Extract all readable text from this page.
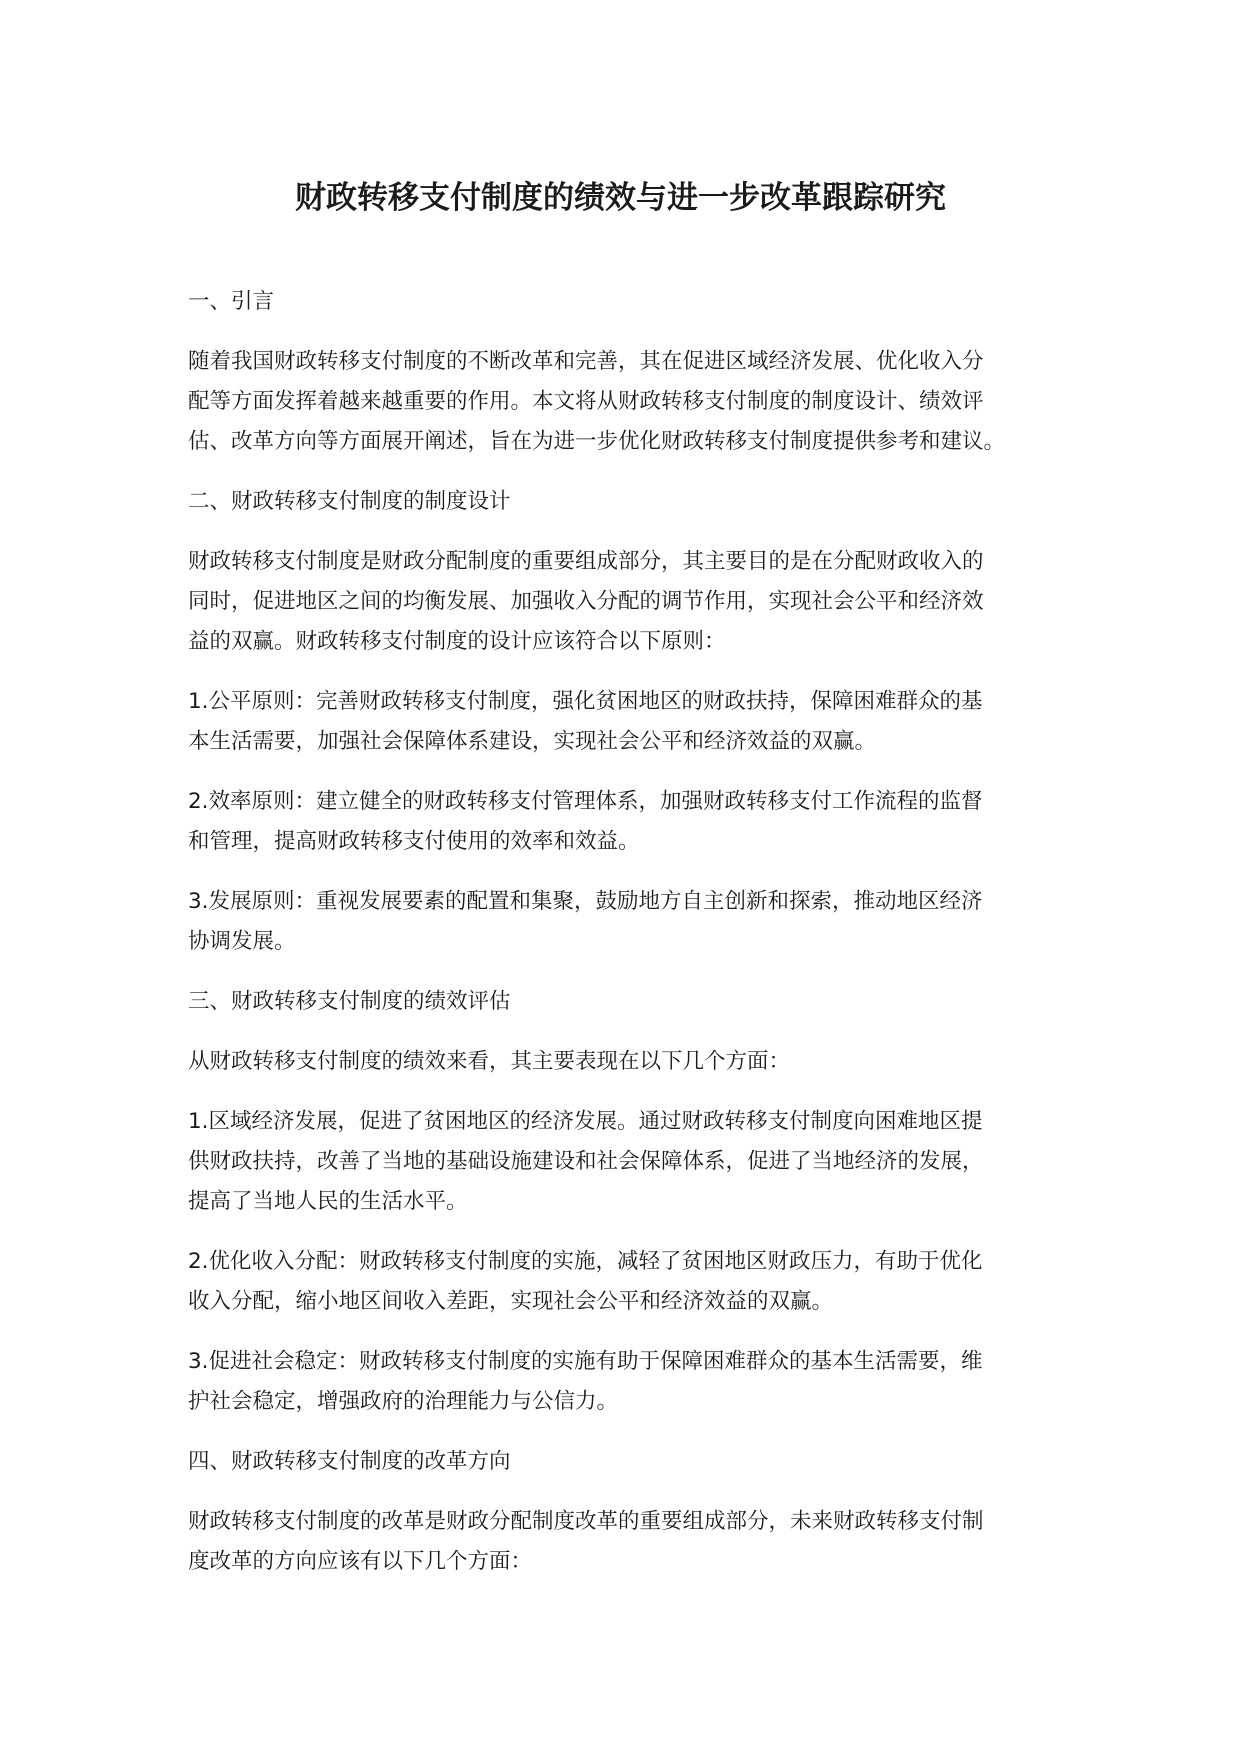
财政转移支付制度的绩效与进一步改革跟踪研究
一、引言
随着我国财政转移支付制度的不断改革和完善，其在促进区域经济发展、优化收入分
配等方面发挥着越来越重要的作用。本文将从财政转移支付制度的制度设计、绩效评
估、改革方向等方面展开阐述，旨在为进一步优化财政转移支付制度提供参考和建议。
二、财政转移支付制度的制度设计
财政转移支付制度是财政分配制度的重要组成部分，其主要目的是在分配财政收入的
同时，促进地区之间的均衡发展、加强收入分配的调节作用，实现社会公平和经济效
益的双赢。财政转移支付制度的设计应该符合以下原则：
1.公平原则：完善财政转移支付制度，强化贫困地区的财政扶持，保障困难群众的基
本生活需要，加强社会保障体系建设，实现社会公平和经济效益的双赢。
2.效率原则：建立健全的财政转移支付管理体系，加强财政转移支付工作流程的监督
和管理，提高财政转移支付使用的效率和效益。
3.发展原则：重视发展要素的配置和集聚，鼓励地方自主创新和探索，推动地区经济
协调发展。
三、财政转移支付制度的绩效评估
从财政转移支付制度的绩效来看，其主要表现在以下几个方面：
1.区域经济发展，促进了贫困地区的经济发展。通过财政转移支付制度向困难地区提
供财政扶持，改善了当地的基础设施建设和社会保障体系，促进了当地经济的发展，
提高了当地人民的生活水平。
2.优化收入分配：财政转移支付制度的实施，减轻了贫困地区财政压力，有助于优化
收入分配，缩小地区间收入差距，实现社会公平和经济效益的双赢。
3.促进社会稳定：财政转移支付制度的实施有助于保障困难群众的基本生活需要，维
护社会稳定，增强政府的治理能力与公信力。
四、财政转移支付制度的改革方向
财政转移支付制度的改革是财政分配制度改革的重要组成部分，未来财政转移支付制
度改革的方向应该有以下几个方面：
